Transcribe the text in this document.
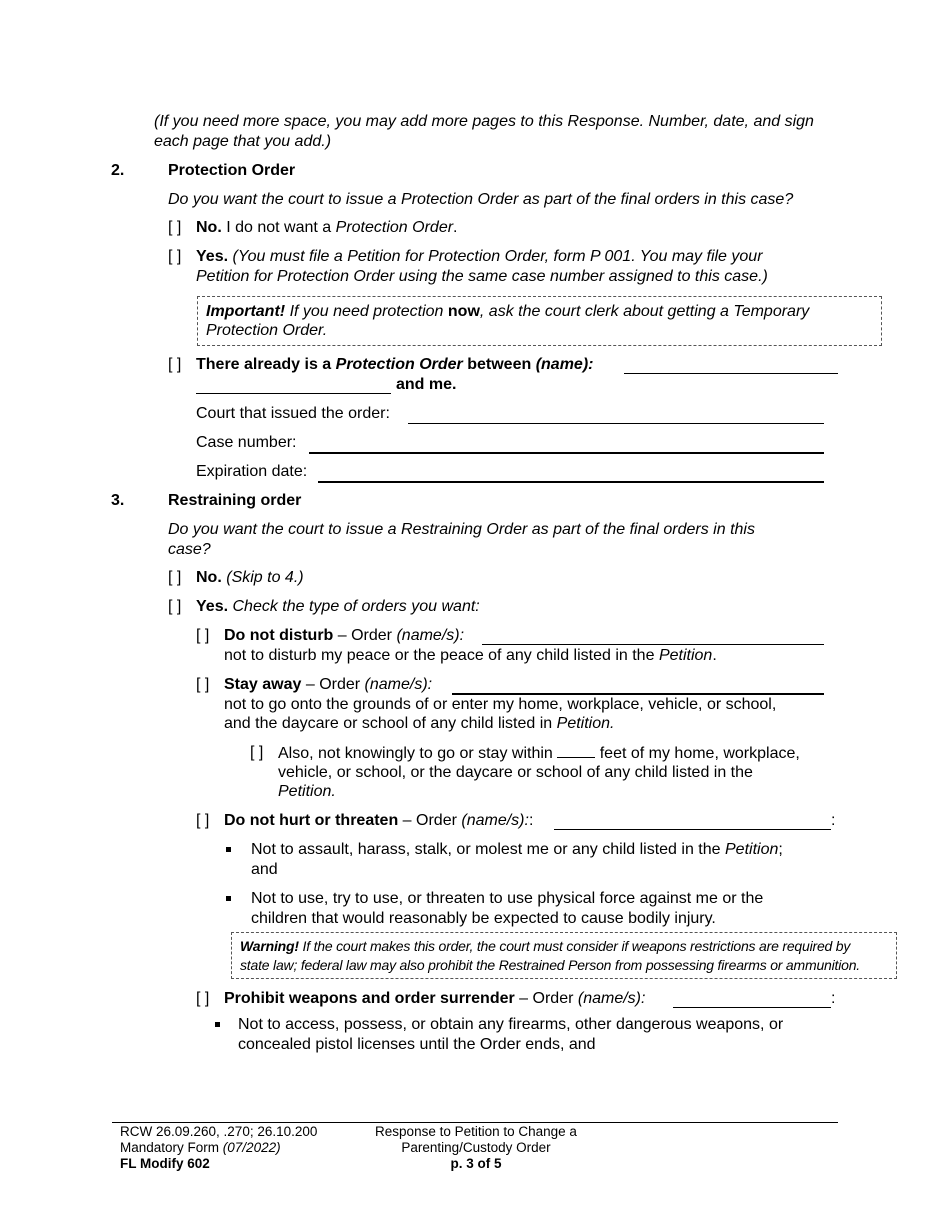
(If you need more space, you may add more pages to this Response. Number, date, and sign each page that you add.)
2.	Protection Order
Do you want the court to issue a Protection Order as part of the final orders in this case?
[ ] No. I do not want a Protection Order.
[ ] Yes. (You must file a Petition for Protection Order, form P 001. You may file your
Petition for Protection Order using the same case number assigned to this case.)
Important! If you need protection now, ask the court clerk about getting a Temporary
Protection Order.
[ ] There already is a Protection Order between (name):
and me.
Court that issued the order:
Case number:
Expiration date:
3.	Restraining order
Do you want the court to issue a Restraining Order as part of the final orders in this
case?
[ ] No. (Skip to 4.)
[ ] Yes. Check the type of orders you want:
[ ] Do not disturb – Order (name/s):
not to disturb my peace or the peace of any child listed in the Petition.
[ ] Stay away – Order (name/s):
not to go onto the grounds of or enter my home, workplace, vehicle, or school,
and the daycare or school of any child listed in Petition.
[ ] Also, not knowingly to go or stay within	feet of my home, workplace,
vehicle, or school, or the daycare or school of any child listed in the
Petition.
[ ] Do not hurt or threaten – Order (name/s)::	:
Not to assault, harass, stalk, or molest me or any child listed in the Petition;
and
Not to use, try to use, or threaten to use physical force against me or the
children that would reasonably be expected to cause bodily injury.
Warning! If the court makes this order, the court must consider if weapons restrictions are required by
state law; federal law may also prohibit the Restrained Person from possessing firearms or ammunition.
[ ] Prohibit weapons and order surrender – Order (name/s):	:
Not to access, possess, or obtain any firearms, other dangerous weapons, or
concealed pistol licenses until the Order ends, and
RCW 26.09.260, .270; 26.10.200
Mandatory Form (07/2022)
FL Modify 602
Response to Petition to Change a
Parenting/Custody Order
p. 3 of 5
